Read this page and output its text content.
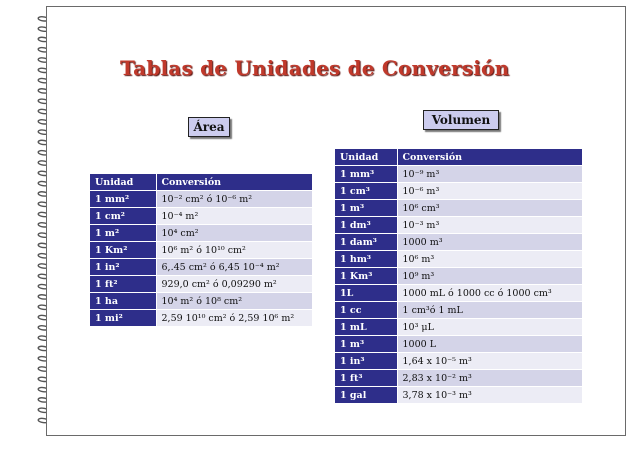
Tablas de Unidades de Conversión
Área	Volumen
Unidad	Conversión
1 mm²	10⁻² cm² ó 10⁻⁶ m²
1 cm²	10⁻⁴ m²
1 m²	10⁴ cm²
1 Km²	10⁶ m² ó 10¹⁰ cm²
1 in²	6,.45 cm² ó 6,45 10⁻⁴ m²
1 ft²	929,0 cm² ó 0,09290 m²
1 ha	10⁴ m² ó 10⁸ cm²
1 mi²	2,59 10¹⁰ cm² ó 2,59 10⁶ m²
Unidad	Conversión
1 mm³	10⁻⁹ m³
1 cm³	10⁻⁶ m³
1 m³	10⁶ cm³
1 dm³	10⁻³ m³
1 dam³	1000 m³
1 hm³	10⁶ m³
1 Km³	10⁹ m³
1L	1000 mL ó 1000 cc ó 1000 cm³
1 cc	1 cm³ó 1 mL
1 mL	10³ μL
1 m³	1000 L
1 in³	1,64 x 10⁻⁵ m³
1 ft³	2,83 x 10⁻² m³
1 gal	3,78 x 10⁻³ m³
